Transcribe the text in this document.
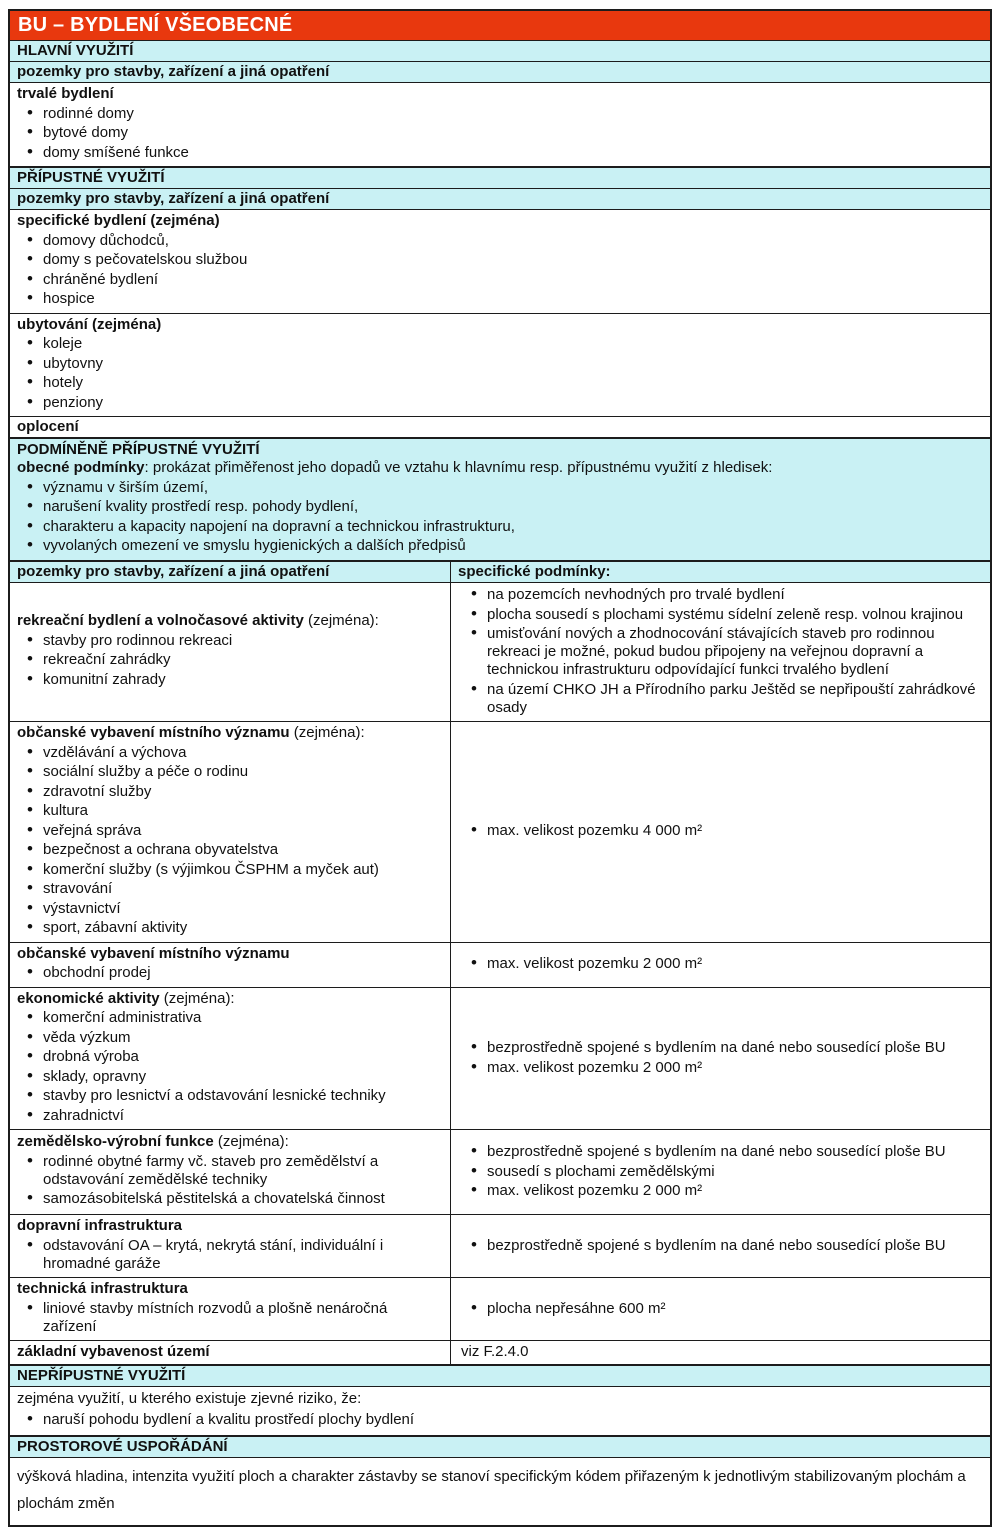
BU – BYDLENÍ VŠEOBECNÉ
HLAVNÍ VYUŽITÍ
pozemky pro stavby, zařízení a jiná opatření
trvalé bydlení
• rodinné domy
• bytové domy
• domy smíšené funkce
PŘÍPUSTNÉ VYUŽITÍ
pozemky pro stavby, zařízení a jiná opatření
specifické bydlení (zejména)
• domovy důchodců,
• domy s pečovatelskou službou
• chráněné bydlení
• hospice
ubytování (zejména)
• koleje
• ubytovny
• hotely
• penziony
oplocení
PODMÍNĚNĚ PŘÍPUSTNÉ VYUŽITÍ
obecné podmínky: prokázat přiměřenost jeho dopadů ve vztahu k hlavnímu resp. přípustnému využití z hledisek:
• významu v širším území,
• narušení kvality prostředí resp. pohody bydlení,
• charakteru a kapacity napojení na dopravní a technickou infrastrukturu,
• vyvolaných omezení ve smyslu hygienických a dalších předpisů
pozemky pro stavby, zařízení a jiná opatření	specifické podmínky:
rekreační bydlení a volnočasové aktivity (zejména):
• stavby pro rodinnou rekreaci
• rekreační zahrádky
• komunitní zahrady
• na pozemcích nevhodných pro trvalé bydlení
• plocha sousedí s plochami systému sídelní zeleně resp. volnou krajinou
• umisťování nových a zhodnocování stávajících staveb pro rodinnou rekreaci je možné, pokud budou připojeny na veřejnou dopravní a technickou infrastrukturu odpovídající funkci trvalého bydlení
• na území CHKO JH a Přírodního parku Ještěd se nepřipouští zahrádkové osady
občanské vybavení místního významu (zejména):
• vzdělávání a výchova
• sociální služby a péče o rodinu
• zdravotní služby
• kultura
• veřejná správa
• bezpečnost a ochrana obyvatelstva
• komerční služby (s výjimkou ČSPHM a myček aut)
• stravování
• výstavnictví
• sport, zábavní aktivity
• max. velikost pozemku 4 000 m²
občanské vybavení místního významu
• obchodní prodej
• max. velikost pozemku 2 000 m²
ekonomické aktivity (zejména):
• komerční administrativa
• věda výzkum
• drobná výroba
• sklady, opravny
• stavby pro lesnictví a odstavování lesnické techniky
• zahradnictví
• bezprostředně spojené s bydlením na dané nebo sousedící ploše BU
• max. velikost pozemku 2 000 m²
zemědělsko-výrobní funkce (zejména):
• rodinné obytné farmy vč. staveb pro zemědělství a odstavování zemědělské techniky
• samozásobitelská pěstitelská a chovatelská činnost
• bezprostředně spojené s bydlením na dané nebo sousedící ploše BU
• sousedí s plochami zemědělskými
• max. velikost pozemku 2 000 m²
dopravní infrastruktura
• odstavování OA – krytá, nekrytá stání, individuální i hromadné garáže
• bezprostředně spojené s bydlením na dané nebo sousedící ploše BU
technická infrastruktura
• liniové stavby místních rozvodů a plošně nenáročná zařízení
• plocha nepřesáhne 600 m²
základní vybavenost území	viz F.2.4.0
NEPŘÍPUSTNÉ VYUŽITÍ
zejména využití, u kterého existuje zjevné riziko, že:
• naruší pohodu bydlení a kvalitu prostředí plochy bydlení
PROSTOROVÉ USPOŘÁDÁNÍ
výšková hladina, intenzita využití ploch a charakter zástavby se stanoví specifickým kódem přiřazeným k jednotlivým stabilizovaným plochám a plochám změn
